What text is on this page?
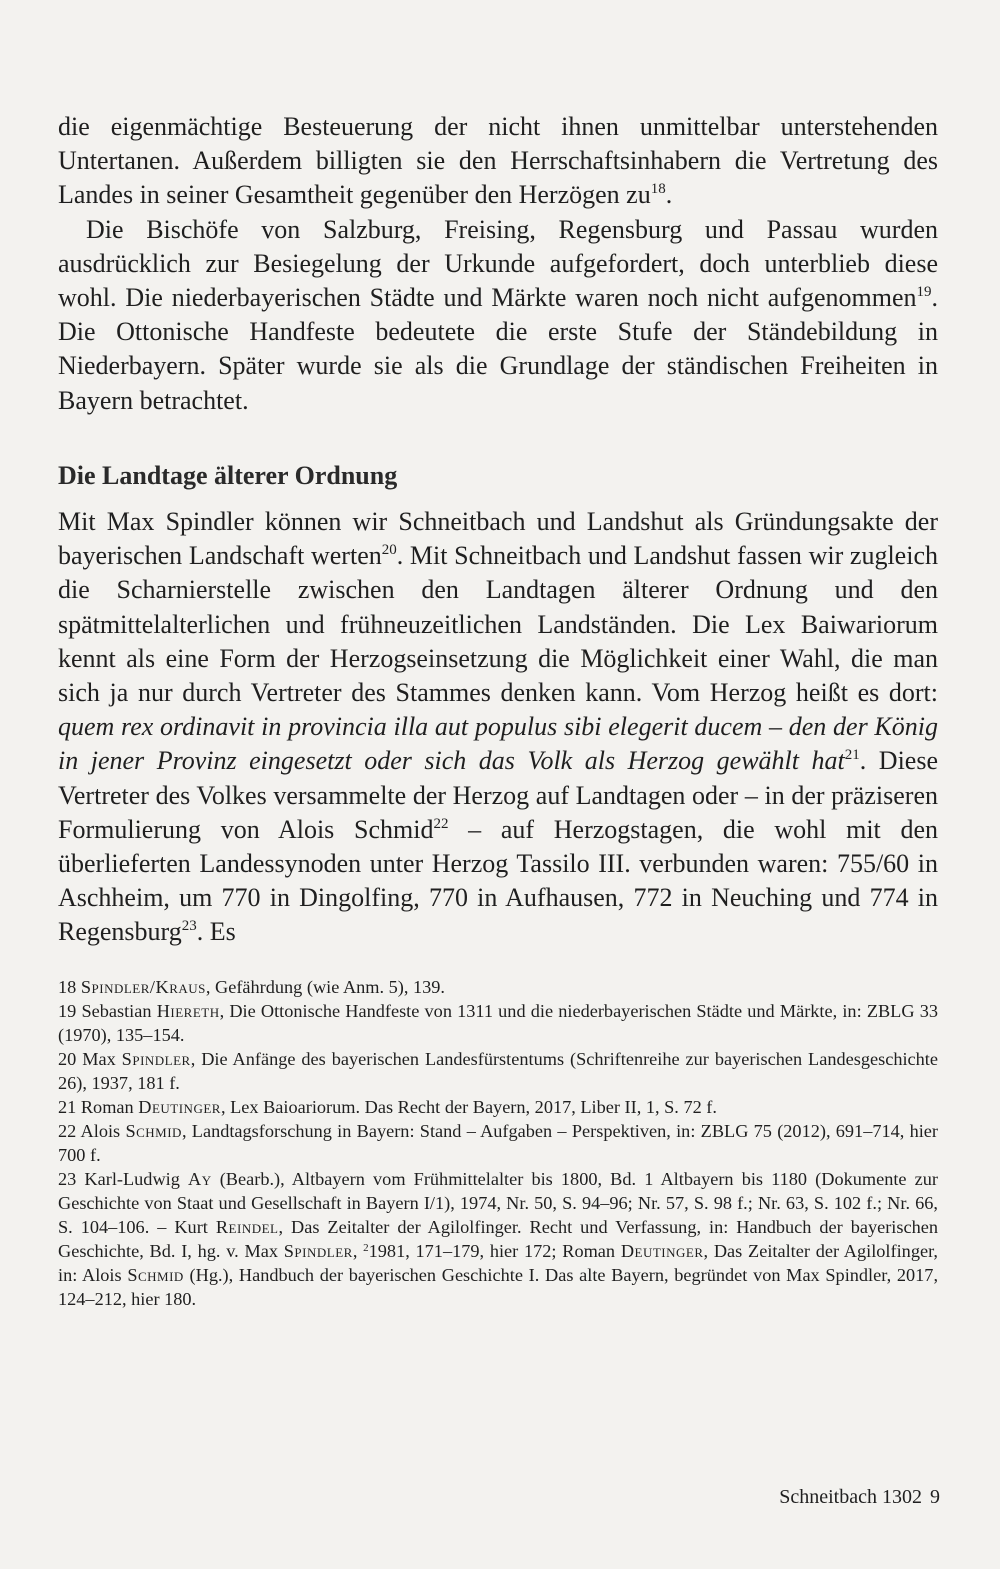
die eigenmächtige Besteuerung der nicht ihnen unmittelbar unterstehenden Untertanen. Außerdem billigten sie den Herrschaftsinhabern die Vertretung des Landes in seiner Gesamtheit gegenüber den Herzögen $zu^{18}$.

Die Bischöfe von Salzburg, Freising, Regensburg und Passau wurden ausdrücklich zur Besiegelung der Urkunde aufgefordert, doch unterblieb diese wohl. Die niederbayerischen Städte und Märkte waren noch nicht aufgenommen$^{19}$. Die Ottonische Handfeste bedeutete die erste Stufe der Ständebildung in Niederbayern. Später wurde sie als die Grundlage der ständischen Freiheiten in Bayern betrachtet.

Die Landtage älterer Ordnung

Mit Max Spindler können wir Schneitbach und Landshut als Gründungsakte der bayerischen Landschaft werten$^{20}$. Mit Schneitbach und Landshut fassen wir zugleich die Scharnierstelle zwischen den Landtagen älterer Ordnung und den spätmittelalterlichen und frühneuzeitlichen Landständen. Die Lex Baiwariorum kennt als eine Form der Herzogseinsetzung die Möglichkeit einer Wahl, die man sich ja nur durch Vertreter des Stammes denken kann. Vom Herzog heißt es dort: quem rex ordinavit in provincia illa aut populus sibi elegerit ducem – den der König in jener Provinz eingesetzt oder sich das Volk als Herzog gewählt hat$^{21}$. Diese Vertreter des Volkes versammelte der Herzog auf Landtagen oder – in der präziseren Formulierung von Alois Schmid$^{22}$ – auf Herzogstagen, die wohl mit den überlieferten Landessynoden unter Herzog Tassilo III. verbunden waren: 755/60 in Aschheim, um 770 in Dingolfing, 770 in Aufhausen, 772 in Neuching und 774 in Regensburg$^{23}$. Es

18 Spindler/Kraus, Gefährdung (wie Anm. 5), 139.

19 Sebastian Hiereth, Die Ottonische Handfeste von 1311 und die niederbayerischen Städte und Märkte, in: ZBLG 33 (1970), 135–154.

20 Max Spindler, Die Anfänge des bayerischen Landesfürstentums (Schriftenreihe zur bayerischen Landesgeschichte 26), 1937, 181 f.

21 Roman Deutinger, Lex Baioariorum. Das Recht der Bayern, 2017, Liber II, 1, S. 72 f.

22 Alois Schmid, Landtagsforschung in Bayern: Stand – Aufgaben – Perspektiven, in: ZBLG 75 (2012), 691–714, hier 700 f.

23 Karl-Ludwig Ay (Bearb.), Altbayern vom Frühmittelalter bis 1800, Bd. 1 Altbayern bis 1180 (Dokumente zur Geschichte von Staat und Gesellschaft in Bayern I/1), 1974, Nr. 50, S. 94–96; Nr. 57, S. 98 f.; Nr. 63, S. 102 f.; Nr. 66, S. 104–106. – Kurt Reindel, Das Zeitalter der Agilolfinger. Recht und Verfassung, in: Handbuch der bayerischen Geschichte, Bd. I, hg. v. Max Spindler, $^2$1981, 171–179, hier 172; Roman Deutinger, Das Zeitalter der Agilolfinger, in: Alois Schmid (Hg.), Handbuch der bayerischen Geschichte I. Das alte Bayern, begründet von Max Spindler, 2017, 124–212, hier 180.

Schneitbach 1302 9
